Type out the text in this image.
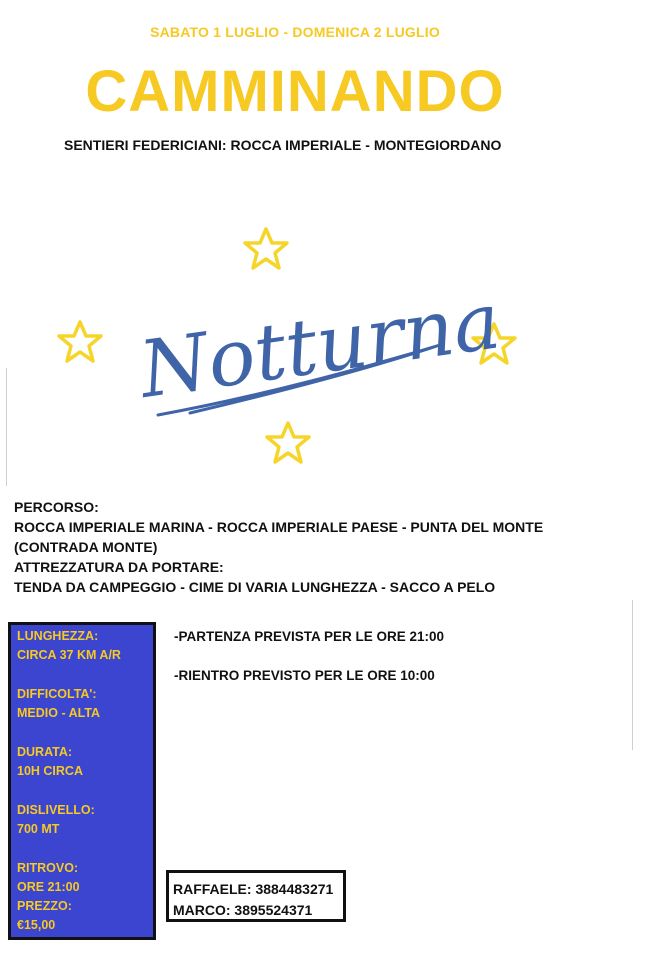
SABATO 1 LUGLIO - DOMENICA 2 LUGLIO
CAMMINANDO
SENTIERI FEDERICIANI: ROCCA IMPERIALE - MONTEGIORDANO
Notturna
PERCORSO:
ROCCA IMPERIALE MARINA - ROCCA IMPERIALE PAESE - PUNTA DEL MONTE
(CONTRADA MONTE)
ATTREZZATURA DA PORTARE:
TENDA DA CAMPEGGIO - CIME DI VARIA LUNGHEZZA - SACCO A PELO
LUNGHEZZA:
CIRCA 37 KM A/R
DIFFICOLTA':
MEDIO - ALTA
DURATA:
10H CIRCA
DISLIVELLO:
700 MT
RITROVO:
ORE 21:00
PREZZO:
€15,00
-PARTENZA PREVISTA PER LE ORE 21:00
-RIENTRO PREVISTO PER LE ORE 10:00
RAFFAELE: 3884483271
MARCO: 3895524371
